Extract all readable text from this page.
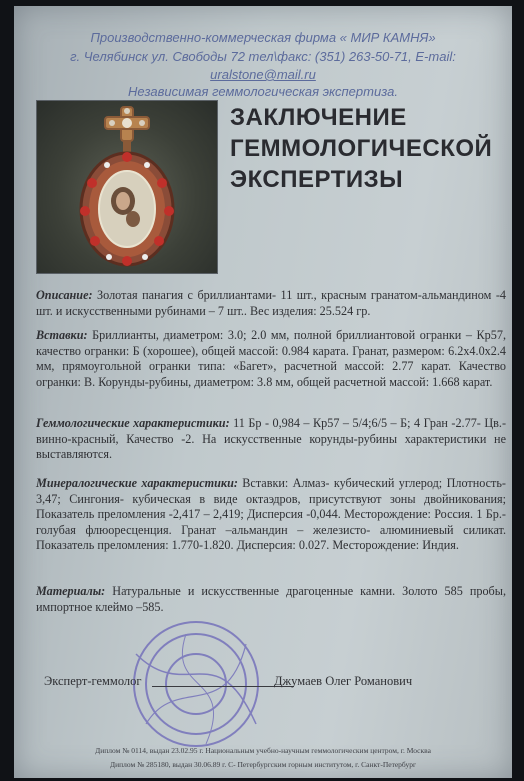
Производственно-коммерческая фирма « МИР КАМНЯ»
г. Челябинск ул. Свободы 72 тел\факс: (351) 263-50-71, E-mail:
uralstone@mail.ru
Независимая геммологическая экспертиза.
ЗАКЛЮЧЕНИЕ
ГЕММОЛОГИЧЕСКОЙ
ЭКСПЕРТИЗЫ
Описание: Золотая панагия с бриллиантами- 11 шт., красным гранатом-альмандином -4 шт. и искусственными рубинами – 7 шт.. Вес изделия: 25.524 гр.
Вставки: Бриллианты, диаметром: 3.0; 2.0 мм, полной бриллиантовой огранки – Кр57, качество огранки: Б (хорошее), общей массой: 0.984 карата. Гранат, размером: 6.2x4.0x2.4 мм, прямоугольной огранки типа: «Багет», расчетной массой: 2.77 карат. Качество огранки: В. Корунды-рубины, диаметром: 3.8 мм, общей расчетной массой: 1.668 карат.
Геммологические характеристики: 11 Бр - 0,984 – Кр57 – 5/4;6/5 – Б; 4 Гран -2.77- Цв.-винно-красный, Качество -2. На искусственные корунды-рубины характеристики не выставляются.
Минералогические характеристики: Вставки: Алмаз- кубический углерод; Плотность- 3,47; Сингония- кубическая в виде октаэдров, присутствуют зоны двойникования; Показатель преломления -2,417 – 2,419; Дисперсия -0,044. Месторождение: Россия. 1 Бр.- голубая флюоресценция. Гранат –альмандин – железисто- алюминиевый силикат. Показатель преломления: 1.770-1.820. Дисперсия: 0.027. Месторождение: Индия.
Материалы: Натуральные и искусственные драгоценные камни. Золото 585 пробы, импортное клеймо –585.
Эксперт-геммолог	Джумаев Олег Романович
Диплом № 0114, выдан 23.02.95 г. Национальным учебно-научным геммологическим центром, г. Москва
Диплом № 285180, выдан 30.06.89 г. С- Петербургским горным институтом, г. Санкт-Петербург
